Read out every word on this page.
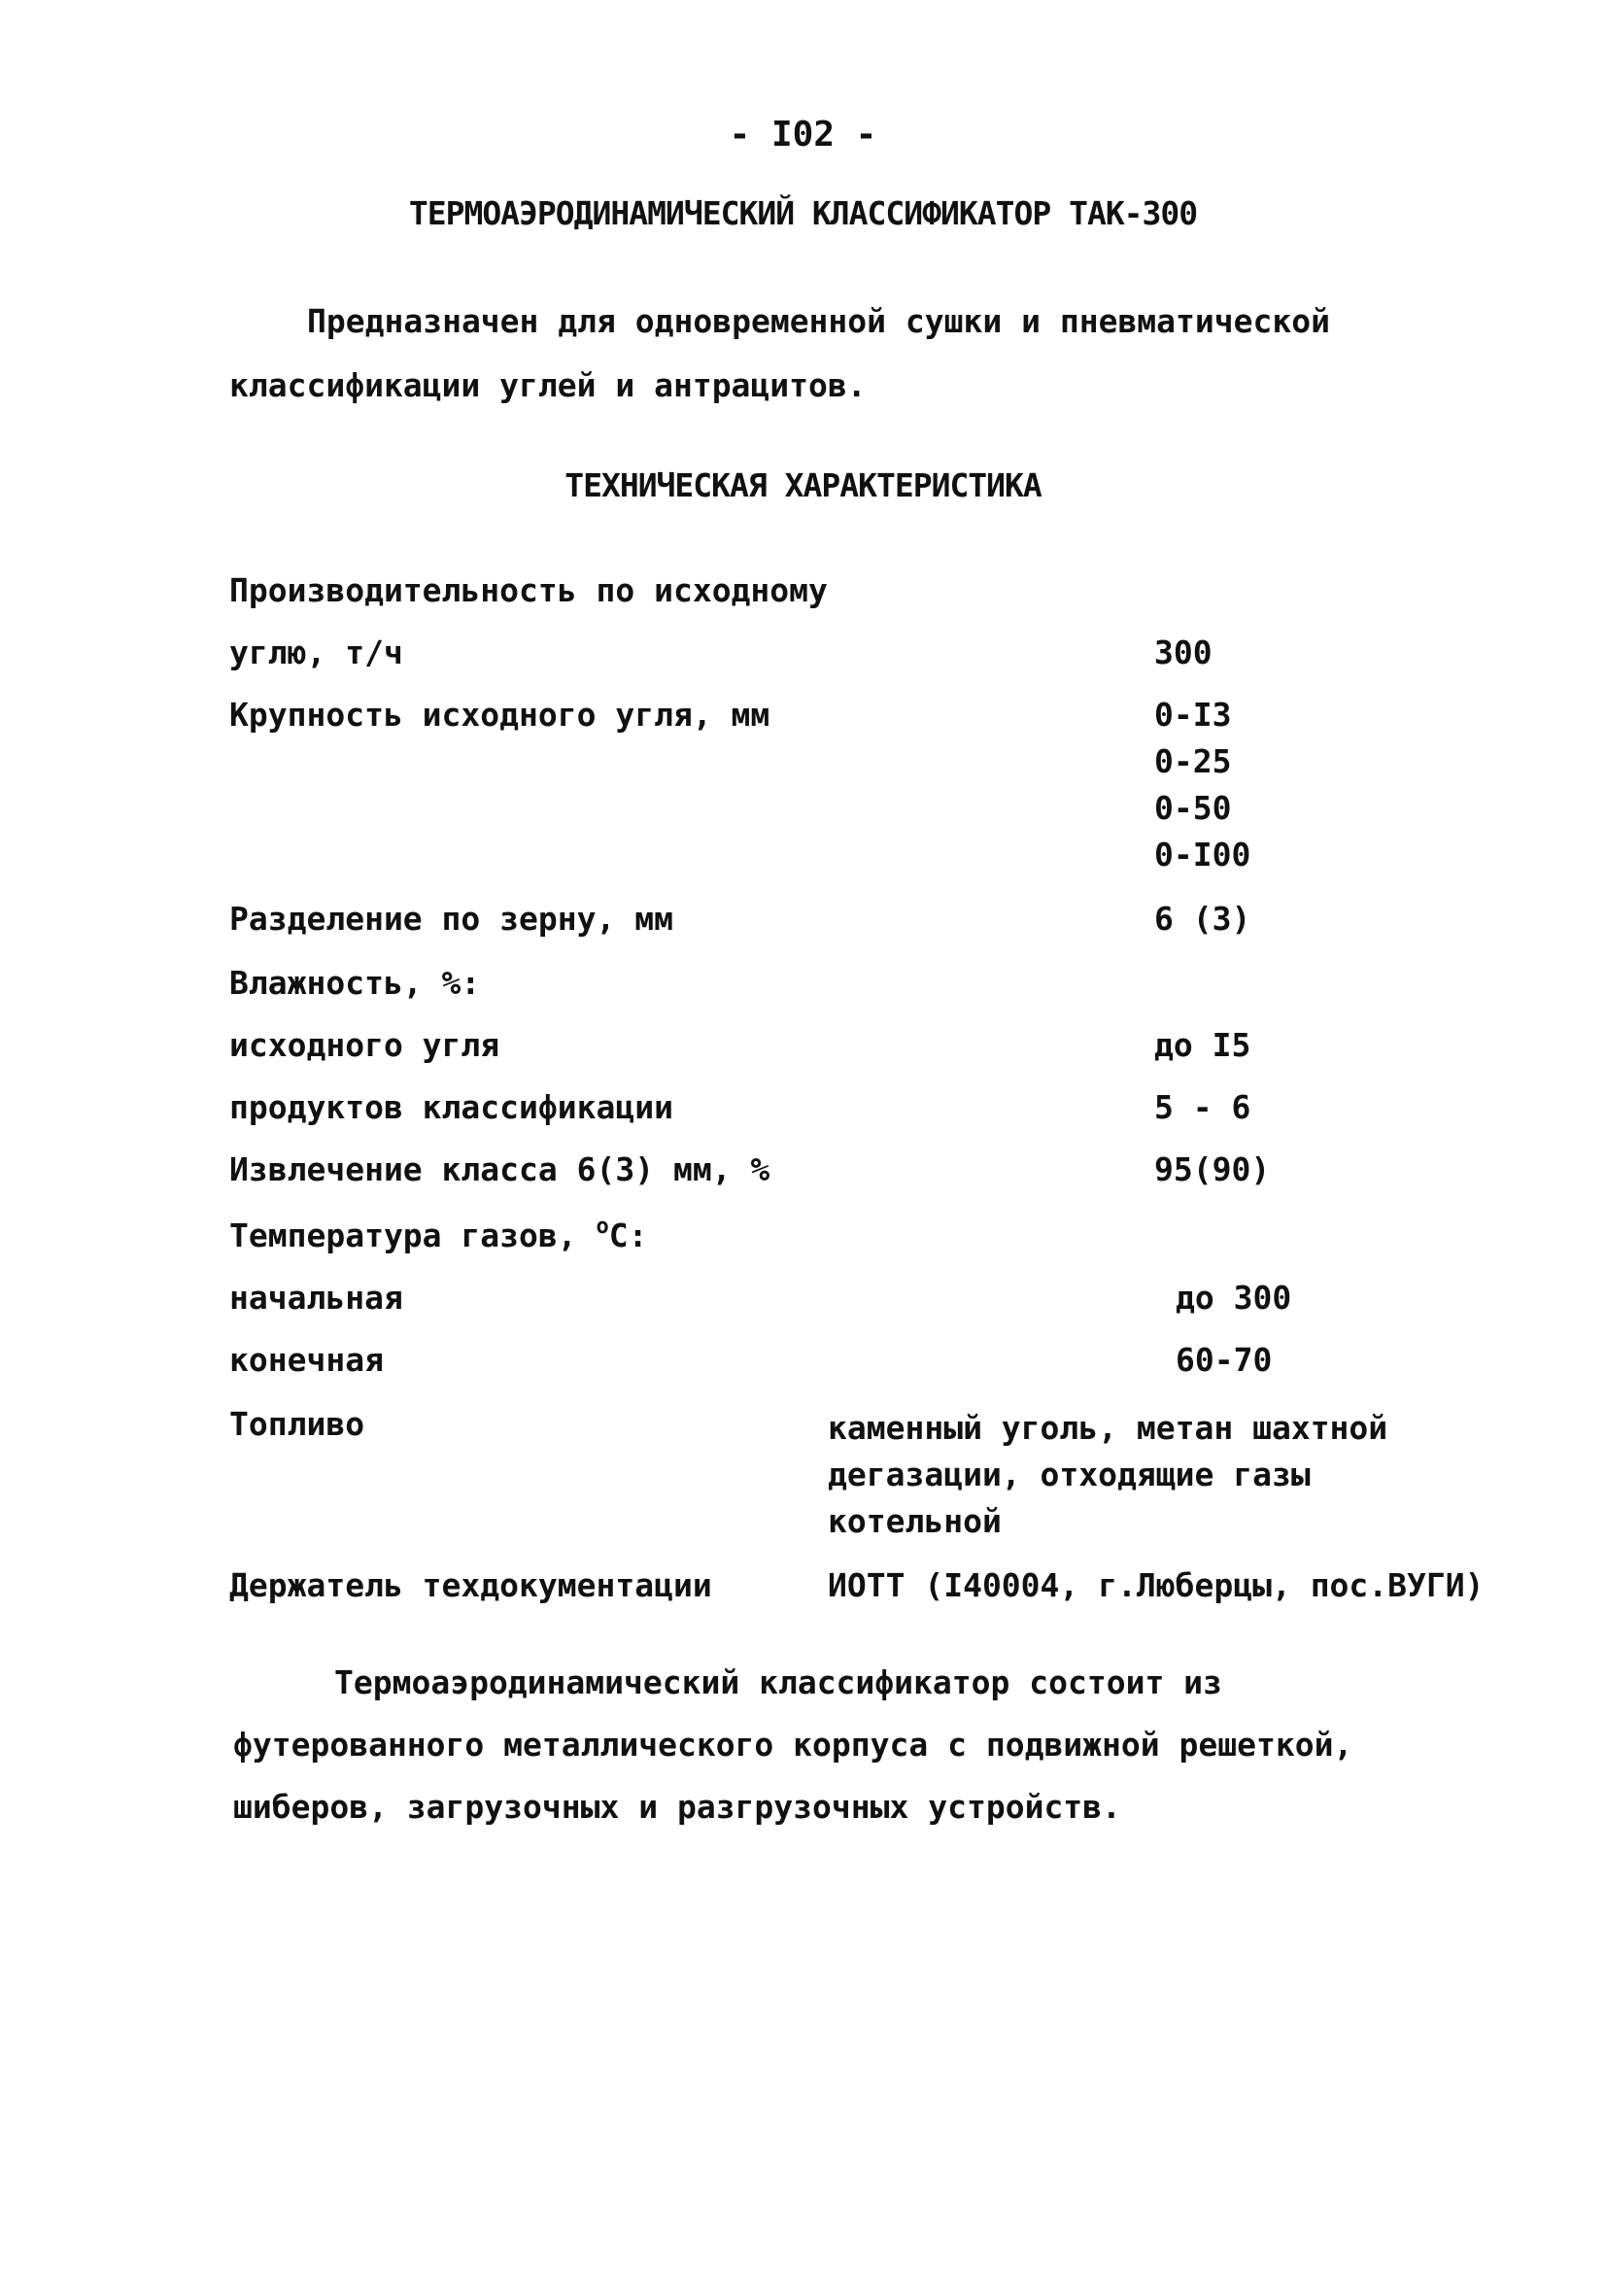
- I02 -
ТЕРМОАЭРОДИНАМИЧЕСКИЙ КЛАССИФИКАТОР ТАК-300

Предназначен для одновременной сушки и пневматической классификации углей и антрацитов.

ТЕХНИЧЕСКАЯ ХАРАКТЕРИСТИКА
Производительность по исходному
углю, т/ч	300
Крупность исходного угля, мм	0-I3
0-25
0-50
0-I00
Разделение по зерну, мм	6 (3)
Влажность, %:
исходного угля	до I5
продуктов классификации	5 - 6
Извлечение класса 6(3) мм, %	95(90)
Температура газов, $^о$С:
начальная	до 300
конечная	60-70
Топливо	каменный уголь, метан шахтной дегазации, отходящие газы котельной
Держатель техдокументации	ИОТТ (I40004, г.Люберцы, пос.ВУГИ)

Термоаэродинамический классификатор состоит из футерованного металлического корпуса с подвижной решеткой, шиберов, загрузочных и разгрузочных устройств.
